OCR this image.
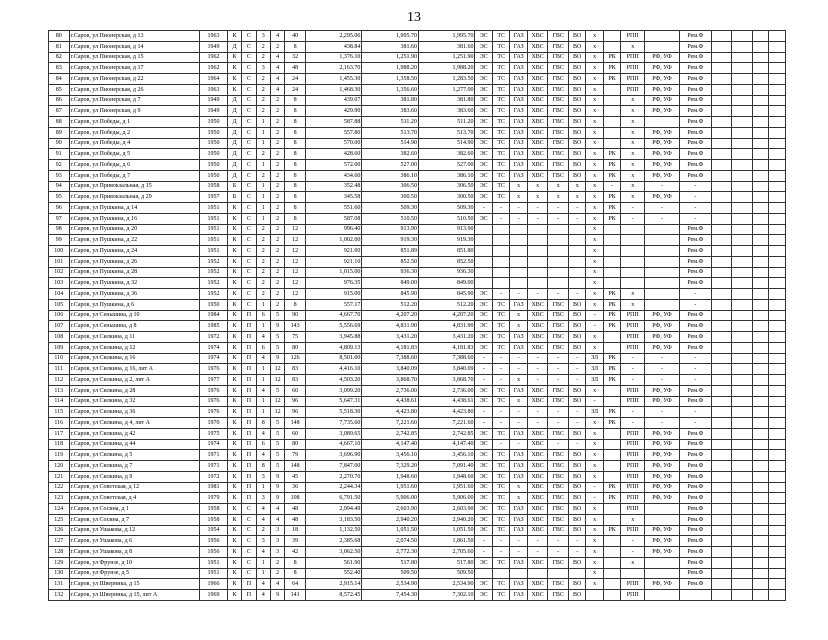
13
80	г.Саров, ул Пионерская, д 13	1963	К	С	3	4	40	2,295.06	1,995.70	1,995.70	ЭС	ТС	ГАЗ	ХВС	ГВС	ВО	х		РПП		Рем.Ф				
81	г.Саров, ул Пионерская, д 14	1949	Д	С	2	2	8	438.84	381.60	381.60	ЭС	ТС	ГАЗ	ХВС	ГВС	ВО	х		х		Рем.Ф				
82	г.Саров, ул Пионерская, д 15	1962	К	С	2	4	32	1,376.10	1,251.90	1,251.90	ЭС	ТС	ГАЗ	ХВС	ГВС	ВО	х	РК	РПП	РФ, УФ	Рем.Ф				
83	г.Саров, ул Пионерская, д 17	1962	К	С	3	4	48	2,163.70	1,988.20	1,988.20	ЭС	ТС	ГАЗ	ХВС	ГВС	ВО	х	РК	РПП	РФ, УФ	Рем.Ф				
84	г.Саров, ул Пионерская, д 22	1964	К	С	2	4	24	1,455.30	1,358.50	1,283.50	ЭС	ТС	ГАЗ	ХВС	ГВС	ВО	х	РК	РПП	РФ, УФ	Рем.Ф				
85	г.Саров, ул Пионерская, д 26	1963	К	С	2	4	24	1,468.30	1,356.60	1,277.00	ЭС	ТС	ГАЗ	ХВС	ГВС	ВО	х		РПП	РФ, УФ	Рем.Ф				
86	г.Саров, ул Пионерская, д 7	1949	Д	С	2	2	8	439.07	381.80	381.80	ЭС	ТС	ГАЗ	ХВС	ГВС	ВО	х		х	РФ, УФ	Рем.Ф				
87	г.Саров, ул Пионерская, д 9	1949	Д	С	2	2	8	429.90	383.60	383.60	ЭС	ТС	ГАЗ	ХВС	ГВС	ВО	х		х	РФ, УФ	Рем.Ф				
88	г.Саров, ул Победы, д 1	1950	Д	С	1	2	8	587.88	511.20	511.20	ЭС	ТС	ГАЗ	ХВС	ГВС	ВО	х		х		Рем.Ф				
89	г.Саров, ул Победы, д 2	1950	Д	С	1	2	8	557.80	513.70	513.70	ЭС	ТС	ГАЗ	ХВС	ГВС	ВО	х		х	РФ, УФ	Рем.Ф				
90	г.Саров, ул Победы, д 4	1950	Д	С	1	2	8	570.00	514.90	514.90	ЭС	ТС	ГАЗ	ХВС	ГВС	ВО	х		х	РФ, УФ	Рем.Ф				
91	г.Саров, ул Победы, д 5	1950	Д	С	2	2	8	428.60	382.60	382.60	ЭС	ТС	ГАЗ	ХВС	ГВС	ВО	х	РК	х	РФ, УФ	Рем.Ф				
92	г.Саров, ул Победы, д 6	1950	Д	С	1	2	8	572.00	527.00	527.00	ЭС	ТС	ГАЗ	ХВС	ГВС	ВО	х	РК	х	РФ, УФ	Рем.Ф				
93	г.Саров, ул Победы, д 7	1950	Д	С	2	2	8	434.60	386.10	386.10	ЭС	ТС	ГАЗ	ХВС	ГВС	ВО	х	РК	х	РФ, УФ	Рем.Ф				
94	г.Саров, ул Привокзальная, д 15	1958	Б	С	1	2	8	352.48	306.50	306.50	ЭС	ТС	х	х	х	х	х	-	х	-	-				
95	г.Саров, ул Привокзальная, д 29	1957	Б	С	1	2	8	345.58	300.50	300.50	ЭС	ТС	х	х	х	х	х	РК	х	РФ, УФ	-				
96	г.Саров, ул Пушкина, д 14	1951	К	С	1	2	8	551.60	509.30	509.30	-	-	-	-	-	-	х	РК	-	-	-				
97	г.Саров, ул Пушкина, д 16	1951	К	С	1	2	8	587.08	510.50	510.50	ЭС	-	-	-	-	-	х	РК	-	-	-				
98	г.Саров, ул Пушкина, д 20	1951	К	С	2	2	12	996.40	913.90	913.90							х				Рем.Ф				
99	г.Саров, ул Пушкина, д 22	1951	К	С	2	2	12	1,002.00	919.30	919.30							х				Рем.Ф				
100	г.Саров, ул Пушкина, д 24	1951	К	С	2	2	12	921.00	851.89	851.80							х				Рем.Ф				
101	г.Саров, ул Пушкина, д 26	1952	К	С	2	2	12	921.10	852.50	852.50							х				Рем.Ф				
102	г.Саров, ул Пушкина, д 28	1952	К	С	2	2	12	1,015.00	936.30	936.30							х				Рем.Ф				
103	г.Саров, ул Пушкина, д 32	1952	К	С	2	2	12	976.35	849.00	849.00							х				Рем.Ф				
104	г.Саров, ул Пушкина, д 36	1952	К	С	2	2	12	915.00	845.90	845.90	ЭС	-	-	-	-	-	х	РК	х		-				
105	г.Саров, ул Пушкина, д 6	1950	К	С	1	2	8	557.17	512.20	512.20	ЭС	ТС	ГАЗ	ХВС	ГВС	ВО	х	РК	х		-				
106	г.Саров, ул Сеньшина, д 10	1984	К	П	6	5	90	4,667.70	4,207.20	4,207.20	ЭС	ТС	х	ХВС	ГВС	ВО	-	РК	РПП	РФ, УФ	Рем.Ф				
107	г.Саров, ул Сеньшина, д 8	1985	К	П	1	9	143	5,556.69	4,831.90	4,831.90	ЭС	ТС	х	ХВС	ГВС	ВО	-	РК	РПП	РФ, УФ	Рем.Ф				
108	г.Саров, ул Силкина, д 11	1972	К	П	4	5	75	3,945.88	3,431.20	3,431.20	ЭС	ТС	ГАЗ	ХВС	ГВС	ВО	х		РПП	РФ, УФ	Рем.Ф				
109	г.Саров, ул Силкина, д 12	1974	К	П	6	5	80	4,809.13	4,181.83	4,181.83	ЭС	ТС	ГАЗ	ХВС	ГВС	ВО	х		РПП	РФ, УФ	Рем.Ф				
110	г.Саров, ул Силкина, д 16	1974	К	П	4	9	126	8,501.00	7,388.60	7,388.60	-	-	-	-	-	-	ЗЛ	РК	-	-	-				
111	г.Саров, ул Силкина, д 16, лит А	1976	К	П	1	12	83	4,416.10	3,840.09	3,840.09	-	-	-	-	-	-	ЗЛ	РК	-	-	-				
112	г.Саров, ул Силкина, д 2, лит А	1977	К	П	1	12	83	4,503.20	3,868.70	3,868.70	-	-	х	-	-	-	ЗЛ	РК	-	-	-				
113	г.Саров, ул Силкина, д 28	1976	К	П	4	5	60	3,099.20	2,736.00	2,736.00	ЭС	ТС	ГАЗ	ХВС	ГВС	ВО	х		РПП	РФ, УФ	Рем.Ф				
114	г.Саров, ул Силкина, д 32	1976	К	П	1	12	96	5,647.31	4,438.61	4,438.61	ЭС	ТС	х	ХВС	ГВС	ВО	-		РПП	РФ, УФ	Рем.Ф				
115	г.Саров, ул Силкина, д 36	1976	К	П	1	12	96	5,518.30	4,423.80	4,423.80	-	-	-	-	-	-	ЗЛ	РК	-	-	-				
116	г.Саров, ул Силкина, д 4, лит А	1970	К	П	8	5	148	7,735.60	7,221.60	7,221.60	-	-	-	-	-	-	х	РК	-	-	-				
117	г.Саров, ул Силкина, д 42	1975	К	П	4	5	60	3,089.65	2,742.85	2,742.85	ЭС	ТС	ГАЗ	ХВС	ГВС	ВО	х		РПП	РФ, УФ	Рем.Ф				
118	г.Саров, ул Силкина, д 44	1974	К	П	6	5	80	4,667.10	4,147.40	4,147.40	ЭС	-	-	ХВС	-	-	х		РПП	РФ, УФ	Рем.Ф				
119	г.Саров, ул Силкина, д 5	1971	К	П	4	5	79	3,696.90	3,456.10	3,456.10	ЭС	ТС	ГАЗ	ХВС	ГВС	ВО	х		РПП	РФ, УФ	Рем.Ф				
120	г.Саров, ул Силкина, д 7	1971	К	П	8	5	148	7,847.00	7,329.20	7,091.40	ЭС	ТС	ГАЗ	ХВС	ГВС	ВО	х		РПП	РФ, УФ	Рем.Ф				
121	г.Саров, ул Силкина, д 9	1972	К	П	3	9	45	2,270.70	1,948.60	1,948.60	ЭС	ТС	ГАЗ	ХВС	ГВС	ВО	х		РПП	РФ, УФ	Рем.Ф				
122	г.Саров, ул Советская, д 12	1981	К	П	1	9	36	2,244.34	1,951.60	1,951.60	ЭС	ТС	х	ХВС	ГВС	ВО	-	РК	РПП	РФ, УФ	Рем.Ф				
123	г.Саров, ул Советская, д 4	1979	К	П	3	9	108	6,791.50	5,906.00	5,906.00	ЭС	ТС	х	ХВС	ГВС	ВО	-	РК	РПП	РФ, УФ	Рем.Ф				
124	г.Саров, ул Сосина, д 1	1958	К	С	4	4	48	2,994.49	2,603.90	2,603.90	ЭС	ТС	ГАЗ	ХВС	ГВС	ВО	х		РПП		Рем.Ф				
125	г.Саров, ул Сосина, д 7	1958	К	С	4	4	48	3,183.50	2,940.20	2,940.20	ЭС	ТС	ГАЗ	ХВС	ГВС	ВО	х		х		Рем.Ф				
126	г.Саров, ул Ушакова, д 12	1954	К	С	2	3	18	1,132.50	1,051.50	1,051.50	ЭС	ТС	ГАЗ	ХВС	ГВС	ВО	х	РК	РПП	РФ, УФ	Рем.Ф				
127	г.Саров, ул Ушакова, д 6	1956	К	С	3	3	39	2,385.68	2,074.50	1,861.50	-	-	-	-	-	-	х		-	РФ, УФ	Рем.Ф				
128	г.Саров, ул Ушакова, д 8	1956	К	С	4	3	42	3,062.50	2,772.30	2,705.60	-	-	-	-	-	-	х		-	РФ, УФ	Рем.Ф				
129	г.Саров, ул Фрунзе, д 10	1951	К	С	1	2	8	561.90	517.80	517.80	ЭС	ТС	ГАЗ	ХВС	ГВС	ВО	х		х		Рем.Ф				
130	г.Саров, ул Фрунзе, д 5	1951	К	С	1	2	8	552.40	509.50	509.50							х				Рем.Ф				
131	г.Саров, ул Шверника, д 15	1966	К	П	4	4	64	2,915.14	2,534.90	2,534.90	ЭС	ТС	ГАЗ	ХВС	ГВС	ВО	х		РПП	РФ, УФ	Рем.Ф				
132	г.Саров, ул Шверника, д 15, лит А	1969	К	П	4	9	141	8,572.45	7,454.30	7,302.10	ЭС	ТС	ГАЗ	ХВС	ГВС	ВО			РПП						
